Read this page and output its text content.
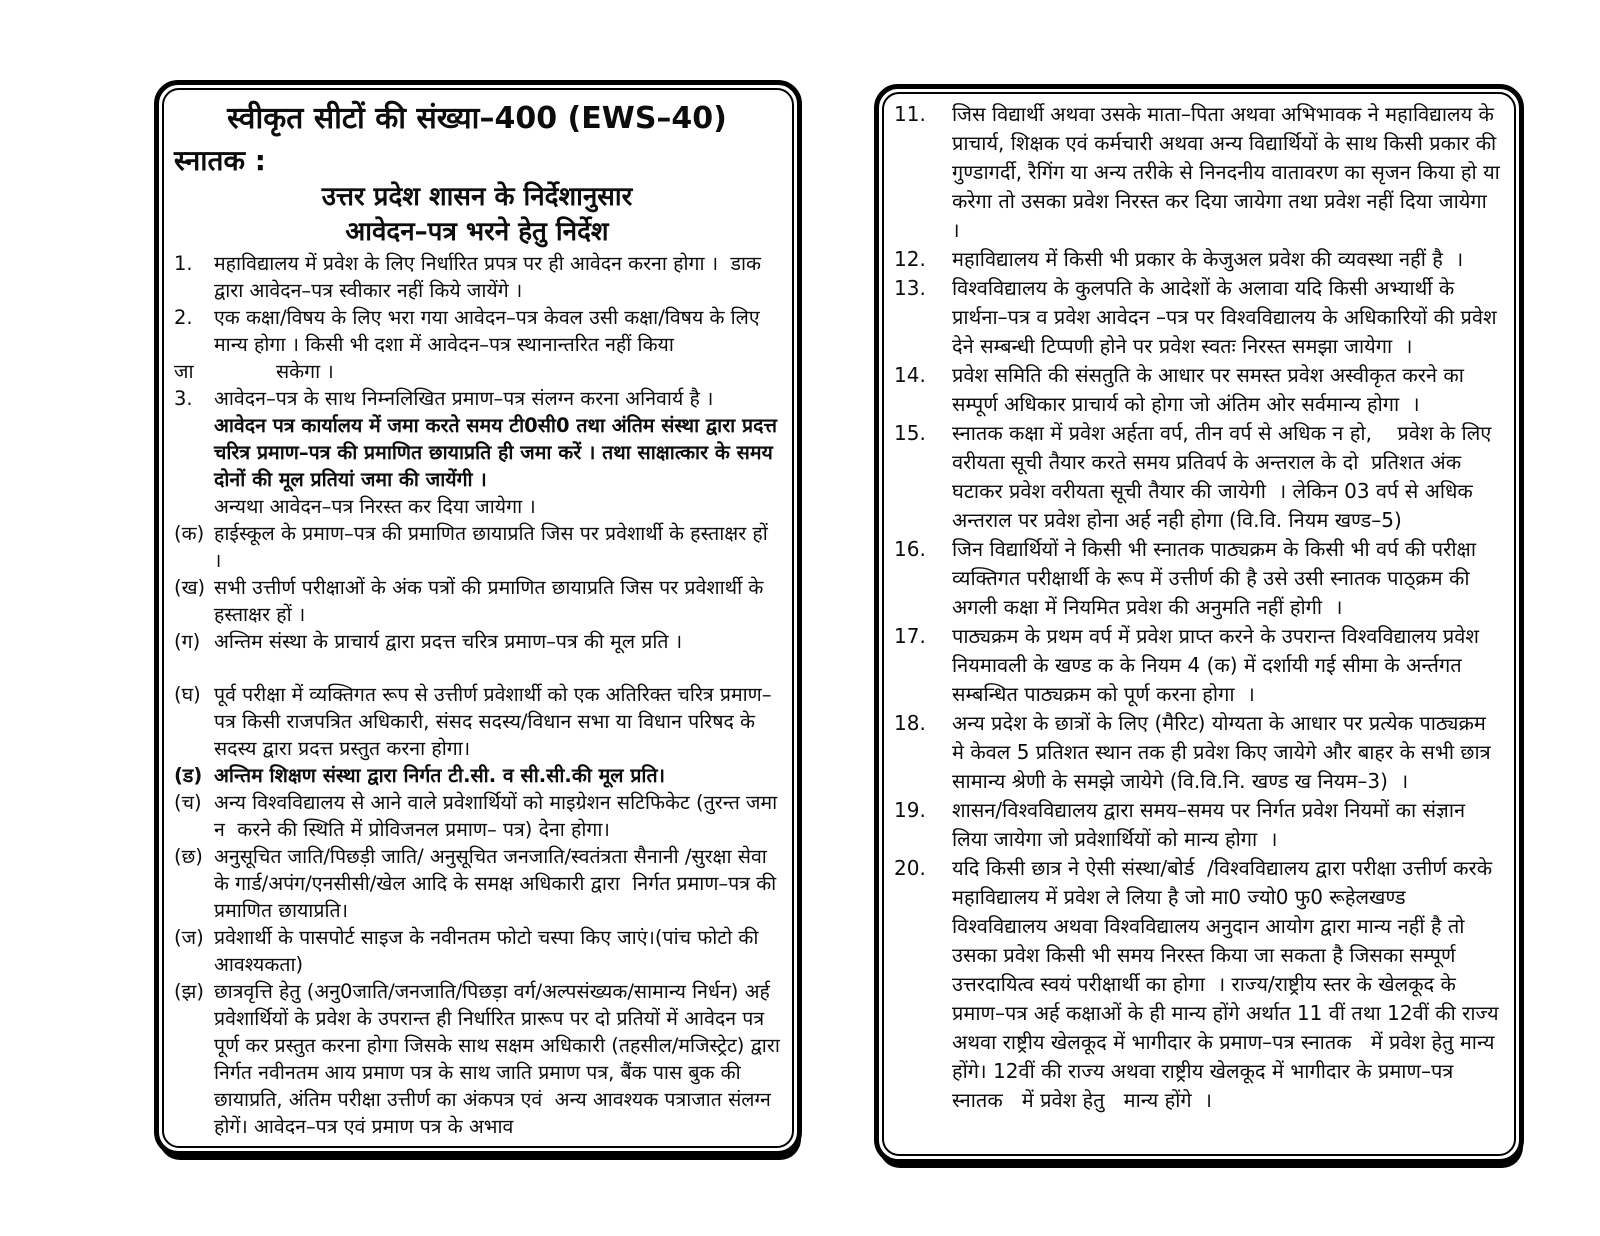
स्वीकृत सीटों की संख्या–400 (EWS–40)
स्नातक :
उत्तर प्रदेश शासन के निर्देशानुसार
आवेदन–पत्र भरने हेतु निर्देश
1.	महाविद्यालय में प्रवेश के लिए निर्धारित प्रपत्र पर ही आवेदन करना होगा ।  डाक द्वारा आवेदन–पत्र स्वीकार नहीं किये जायेंगे ।
2.	एक कक्षा/विषय के लिए भरा गया आवेदन–पत्र केवल उसी कक्षा/विषय के लिए मान्य होगा । किसी भी दशा में आवेदन–पत्र स्थानान्तरित नहीं किया
जा	सकेगा ।
3.	आवेदन–पत्र के साथ निम्नलिखित प्रमाण–पत्र संलग्न करना अनिवार्य है ।
आवेदन पत्र कार्यालय में जमा करते समय टी0सी0 तथा अंतिम संस्था द्वारा प्रदत्त चरित्र प्रमाण–पत्र की प्रमाणित छायाप्रति ही जमा करें । तथा साक्षात्कार के समय दोनों की मूल प्रतियां जमा की जायेंगी ।
अन्यथा आवेदन–पत्र निरस्त कर दिया जायेगा ।
(क) हाईस्कूल के प्रमाण–पत्र की प्रमाणित छायाप्रति जिस पर प्रवेशार्थी के हस्ताक्षर हों ।
(ख) सभी उत्तीर्ण परीक्षाओं के अंक पत्रों की प्रमाणित छायाप्रति जिस पर प्रवेशार्थी के हस्ताक्षर हों ।
(ग) अन्तिम संस्था के प्राचार्य द्वारा प्रदत्त चरित्र प्रमाण–पत्र की मूल प्रति ।
(घ) पूर्व परीक्षा में व्यक्तिगत रूप से उत्तीर्ण प्रवेशार्थी को एक अतिरिक्त चरित्र प्रमाण–पत्र किसी राजपत्रित अधिकारी, संसद सदस्य/विधान सभा या विधान परिषद के सदस्य द्वारा प्रदत्त प्रस्तुत करना होगा।
(ड) अन्तिम शिक्षण संस्था द्वारा निर्गत टी.सी. व सी.सी.की मूल प्रति।
(च) अन्य विश्वविद्यालय से आने वाले प्रवेशार्थियों को माइग्रेशन सटिफिकेट (तुरन्त जमा न  करने की स्थिति में प्रोविजनल प्रमाण– पत्र) देना होगा।
(छ) अनुसूचित जाति/पिछड़ी जाति/ अनुसूचित जनजाति/स्वतंत्रता सैनानी /सुरक्षा सेवा के गार्ड/अपंग/एनसीसी/खेल आदि के समक्ष अधिकारी द्वारा  निर्गत प्रमाण–पत्र की  प्रमाणित छायाप्रति।
(ज) प्रवेशार्थी के पासपोर्ट साइज के नवीनतम फोटो चस्पा किए जाएं।(पांच फोटो की आवश्यकता)
(झ) छात्रवृत्ति हेतु (अनु0जाति/जनजाति/पिछड़ा वर्ग/अल्पसंख्यक/सामान्य निर्धन) अर्ह प्रवेशार्थियों के प्रवेश के उपरान्त ही निर्धारित प्रारूप पर दो प्रतियों में आवेदन पत्र पूर्ण कर प्रस्तुत करना होगा जिसके साथ सक्षम अधिकारी (तहसील/मजिस्ट्रेट) द्वारा निर्गत नवीनतम आय प्रमाण पत्र के साथ जाति प्रमाण पत्र, बैंक पास बुक की छायाप्रति, अंतिम परीक्षा उत्तीर्ण का अंकपत्र एवं  अन्य आवश्यक पत्राजात संलग्न होगें। आवेदन–पत्र एवं प्रमाण पत्र के अभाव
11.	जिस विद्यार्थी अथवा उसके माता–पिता अथवा अभिभावक ने महाविद्यालय के प्राचार्य, शिक्षक एवं कर्मचारी अथवा अन्य विद्यार्थियों के साथ किसी प्रकार की गुण्डागर्दी, रैगिंग या अन्य तरीके से निनदनीय वातावरण का सृजन किया हो या करेगा तो उसका प्रवेश निरस्त कर दिया जायेगा तथा प्रवेश नहीं दिया जायेगा  ।
12.	महाविद्यालय में किसी भी प्रकार के केजुअल प्रवेश की व्यवस्था नहीं है  ।
13.	विश्वविद्यालय के कुलपति के आदेशों के अलावा यदि किसी अभ्यार्थी के प्रार्थना–पत्र व प्रवेश आवेदन –पत्र पर विश्वविद्यालय के अधिकारियों की प्रवेश देने सम्बन्धी टिप्पणी होने पर प्रवेश स्वतः निरस्त समझा जायेगा  ।
14.	प्रवेश समिति की संसतुति के आधार पर समस्त प्रवेश अस्वीकृत करने का सम्पूर्ण अधिकार प्राचार्य को होगा जो अंतिम ओर सर्वमान्य होगा  ।
15.	स्नातक कक्षा में प्रवेश अर्हता वर्प, तीन वर्प से अधिक न हो,    प्रवेश के लिए वरीयता सूची तैयार करते समय प्रतिवर्प के अन्तराल के दो  प्रतिशत अंक घटाकर प्रवेश वरीयता सूची तैयार की जायेगी  । लेकिन 03 वर्प से अधिक अन्तराल पर प्रवेश होना अर्ह नही होगा (वि.वि. नियम खण्ड–5)
16.	जिन विद्यार्थियों ने किसी भी स्नातक पाठ्यक्रम के किसी भी वर्प की परीक्षा व्यक्तिगत परीक्षार्थी के रूप में उत्तीर्ण की है उसे उसी स्नातक पाठ्क्रम की अगली कक्षा में नियमित प्रवेश की अनुमति नहीं होगी  ।
17.	पाठ्यक्रम के प्रथम वर्प में प्रवेश प्राप्त करने के उपरान्त विश्वविद्यालय प्रवेश नियमावली के खण्ड क के नियम 4 (क) में दर्शायी गई सीमा के अर्न्तगत सम्बन्धित पाठ्यक्रम को पूर्ण करना होगा  ।
18.	अन्य प्रदेश के छात्रों के लिए (मैरिट) योग्यता के आधार पर प्रत्येक पाठ्यक्रम मे केवल 5 प्रतिशत स्थान तक ही प्रवेश किए जायेगे और बाहर के सभी छात्र सामान्य श्रेणी के समझे जायेगे (वि.वि.नि. खण्ड ख नियम–3)  ।
19.	शासन/विश्वविद्यालय द्वारा समय–समय पर निर्गत प्रवेश नियमों का संज्ञान लिया जायेगा जो प्रवेशार्थियों को मान्य होगा  ।
20.	यदि किसी छात्र ने ऐसी संस्था/बोर्ड  /विश्वविद्यालय द्वारा परीक्षा उत्तीर्ण करके महाविद्यालय में प्रवेश ले लिया है जो मा0 ज्यो0 फु0 रूहेलखण्ड विश्वविद्यालय अथवा विश्वविद्यालय अनुदान आयोग द्वारा मान्य नहीं है तो उसका प्रवेश किसी भी समय निरस्त किया जा सकता है जिसका सम्पूर्ण उत्तरदायित्व स्वयं परीक्षार्थी का होगा  । राज्य/राष्ट्रीय स्तर के खेलकूद के प्रमाण–पत्र अर्ह कक्षाओं के ही मान्य होंगे अर्थात 11 वीं तथा 12वीं की राज्य अथवा राष्ट्रीय खेलकूद में भागीदार के प्रमाण–पत्र स्नातक   में प्रवेश हेतु मान्य होंगे। 12वीं की राज्य अथवा राष्ट्रीय खेलकूद में भागीदार के प्रमाण–पत्र स्नातक   में प्रवेश हेतु   मान्य होंगे  ।
